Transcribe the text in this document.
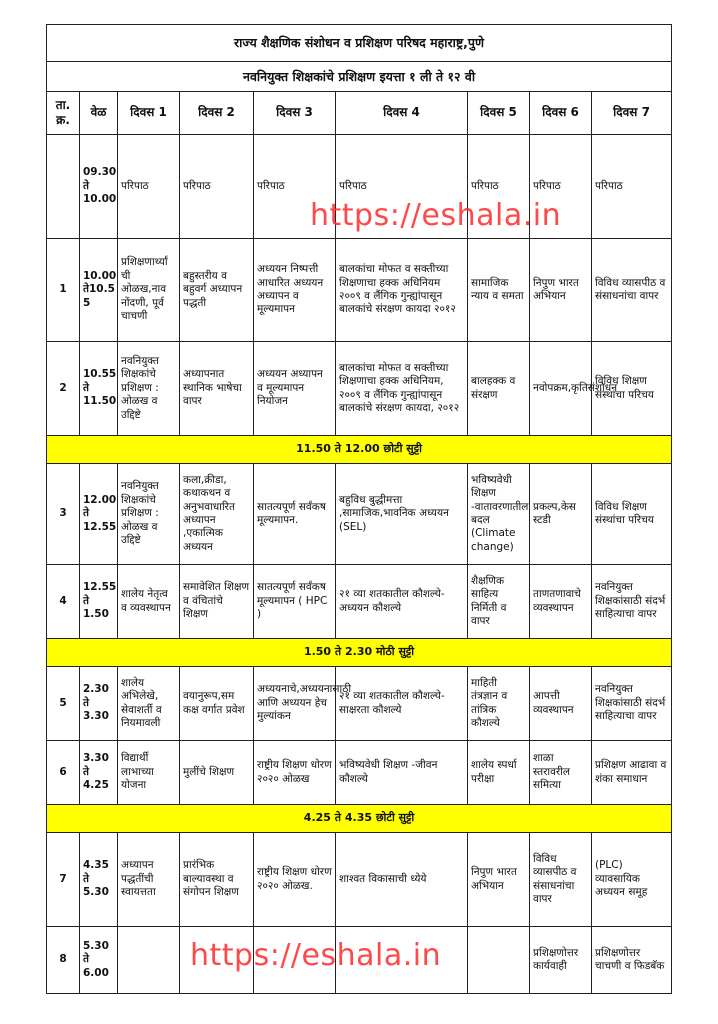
राज्य शैक्षणिक संशोधन व प्रशिक्षण परिषद महाराष्ट्र,पुणे								
नवनियुक्त शिक्षकांचे प्रशिक्षण इयत्ता १ ली ते १२ वी								
ता. क्र.	वेळ	दिवस 1	दिवस 2	दिवस 3	दिवस 4	दिवस 5	दिवस 6	दिवस 7
	09.30 ते 10.00	परिपाठ	परिपाठ	परिपाठ	परिपाठ	परिपाठ	परिपाठ	परिपाठ
1	10.00 ते10.5 5	प्रशिक्षणार्थ्यां ची ओळख,नाव नोंदणी, पूर्व चाचणी	बहुस्तरीय व बहुवर्ग अध्यापन पद्धती	अध्ययन निष्पत्ती आधारित अध्ययन अध्यापन व मूल्यमापन	बालकांचा मोफत व सक्तीच्या शिक्षणाचा हक्क अधिनियम २००९ व लैंगिक गुन्ह्यांपासून बालकांचे संरक्षण कायदा २०१२	सामाजिक न्याय व समता	निपुण भारत अभियान	विविध व्यासपीठ व संसाधनांचा वापर
2	10.55 ते 11.50	नवनियुक्त शिक्षकांचे प्रशिक्षण : ओळख व उद्दिष्टे	अध्यापनात स्थानिक भाषेचा वापर	अध्ययन अध्यापन व मूल्यमापन नियोजन	बालकांचा मोफत व सक्तीच्या शिक्षणाचा हक्क अधिनियम, २००९ व लैंगिक गुन्ह्यांपासून बालकांचे संरक्षण कायदा, २०१२	बालहक्क व संरक्षण	नवोपक्रम,कृतिसंशोधन	विविध शिक्षण संस्थांचा परिचय
11.50 ते 12.00 छोटी सुट्टी								
3	12.00 ते 12.55	नवनियुक्त शिक्षकांचे प्रशिक्षण : ओळख व उद्दिष्टे	कला,क्रीडा, कथाकथन व अनुभवाधारित अध्यापन ,एकात्मिक अध्ययन	सातत्यपूर्ण सर्वंकष मूल्यमापन.	बहुविध बुद्धीमत्ता ,सामाजिक,भावनिक अध्ययन (SEL)	भविष्यवेधी शिक्षण -वातावरणातील बदल (Climate change)	प्रकल्प,केस स्टडी	विविध शिक्षण संस्थांचा परिचय
4	12.55 ते 1.50	शालेय नेतृत्व व व्यवस्थापन	समावेशित शिक्षण व वंचितांचे शिक्षण	सातत्यपूर्ण सर्वंकष मूल्यमापन ( HPC )	२१ व्या शतकातील कौशल्ये-अध्ययन कौशल्ये	शैक्षणिक साहित्य निर्मिती व वापर	ताणतणावाचे व्यवस्थापन	नवनियुक्त शिक्षकांसाठी संदर्भ साहित्याचा वापर
1.50 ते 2.30 मोठी सुट्टी								
5	2.30 ते 3.30	शालेय अभिलेखे, सेवाशर्ती व नियमावली	वयानुरूप,सम कक्ष वर्गात प्रवेश	अध्ययनाचे,अध्ययनासाठी आणि अध्ययन हेच मुल्यांकन	२१ व्या शतकातील कौशल्ये-साक्षरता कौशल्ये	माहिती तंत्रज्ञान व तांत्रिक कौशल्ये	आपत्ती व्यवस्थापन	नवनियुक्त शिक्षकांसाठी संदर्भ साहित्याचा वापर
6	3.30 ते 4.25	विद्यार्थी लाभाच्या योजना	मुलींचे शिक्षण	राष्ट्रीय शिक्षण धोरण २०२० ओळख	भविष्यवेधी शिक्षण -जीवन कौशल्ये	शालेय स्पर्धा परीक्षा	शाळा स्तरावरील समित्या	प्रशिक्षण आढावा व शंका समाधान
4.25 ते 4.35 छोटी सुट्टी								
7	4.35 ते 5.30	अध्यापन पद्धतींची स्वायत्तता	प्रारंभिक बाल्यावस्था व संगोपन शिक्षण	राष्ट्रीय शिक्षण धोरण २०२० ओळख.	शाश्वत विकासाची ध्येये	निपुण भारत अभियान	विविध व्यासपीठ व संसाधनांचा वापर	(PLC) व्यावसायिक अध्ययन समूह
8	5.30 ते 6.00						प्रशिक्षणोत्तर कार्यवाही	प्रशिक्षणोत्तर चाचणी व फिडबॅक
https://eshala.in
https://eshala.in
